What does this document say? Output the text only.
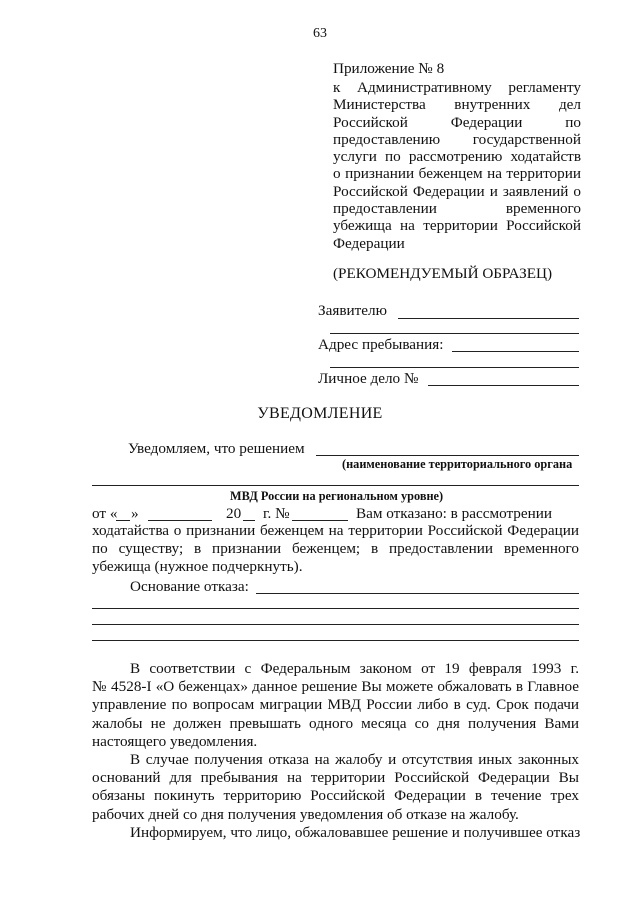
63
Приложение № 8
к Административному регламенту
Министерства внутренних дел
Российской Федерации по
предоставлению государственной
услуги по рассмотрению ходатайств
о признании беженцем на территории
Российской Федерации и заявлений о
предоставлении временного
убежища на территории Российской
Федерации
(РЕКОМЕНДУЕМЫЙ ОБРАЗЕЦ)
Заявителю
Адрес пребывания:
Личное дело №
УВЕДОМЛЕНИЕ
Уведомляем, что решением
(наименование территориального органа
МВД России на региональном уровне)
от « »	20 г. №	Вам отказано: в рассмотрении
ходатайства о признании беженцем на территории Российской Федерации
по существу; в признании беженцем; в предоставлении временного
убежища (нужное подчеркнуть).
Основание отказа:
В соответствии с Федеральным законом от 19 февраля 1993 г.
№ 4528-I «О беженцах» данное решение Вы можете обжаловать в Главное
управление по вопросам миграции МВД России либо в суд. Срок подачи
жалобы не должен превышать одного месяца со дня получения Вами
настоящего уведомления.
В случае получения отказа на жалобу и отсутствия иных законных
оснований для пребывания на территории Российской Федерации Вы
обязаны покинуть территорию Российской Федерации в течение трех
рабочих дней со дня получения уведомления об отказе на жалобу.
Информируем, что лицо, обжаловавшее решение и получившее отказ
